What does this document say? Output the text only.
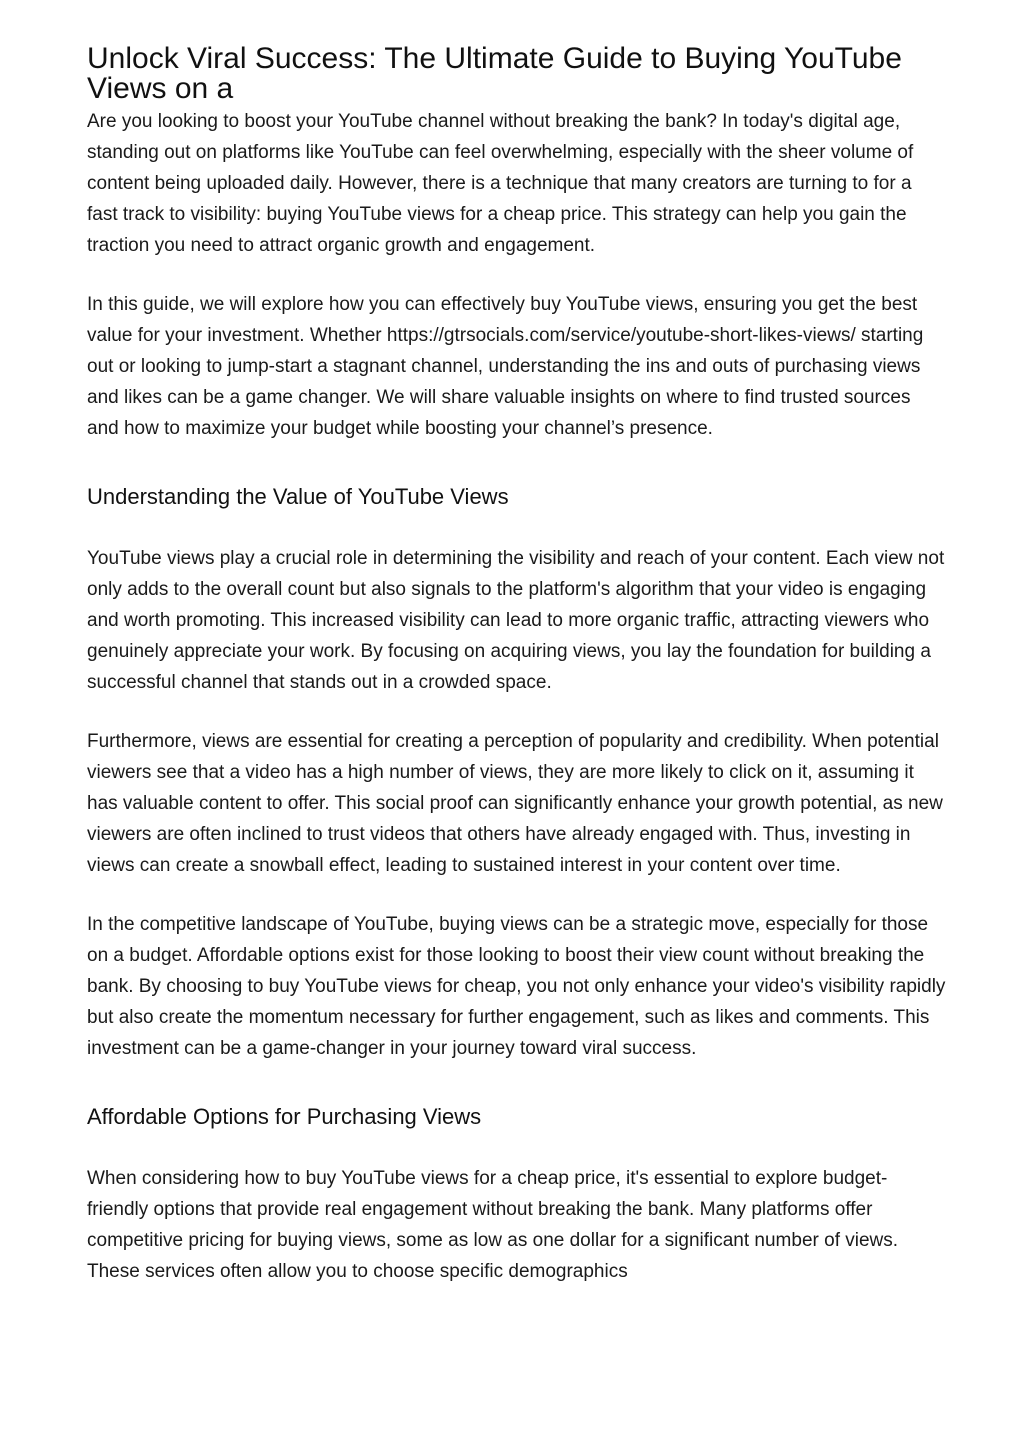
Unlock Viral Success: The Ultimate Guide to Buying YouTube Views on a

Are you looking to boost your YouTube channel without breaking the bank? In today's digital age, standing out on platforms like YouTube can feel overwhelming, especially with the sheer volume of content being uploaded daily. However, there is a technique that many creators are turning to for a fast track to visibility: buying YouTube views for a cheap price. This strategy can help you gain the traction you need to attract organic growth and engagement.

In this guide, we will explore how you can effectively buy YouTube views, ensuring you get the best value for your investment. Whether https://gtrsocials.com/service/youtube-short-likes-views/ starting out or looking to jump-start a stagnant channel, understanding the ins and outs of purchasing views and likes can be a game changer. We will share valuable insights on where to find trusted sources and how to maximize your budget while boosting your channel’s presence.

Understanding the Value of YouTube Views

YouTube views play a crucial role in determining the visibility and reach of your content. Each view not only adds to the overall count but also signals to the platform's algorithm that your video is engaging and worth promoting. This increased visibility can lead to more organic traffic, attracting viewers who genuinely appreciate your work. By focusing on acquiring views, you lay the foundation for building a successful channel that stands out in a crowded space.

Furthermore, views are essential for creating a perception of popularity and credibility. When potential viewers see that a video has a high number of views, they are more likely to click on it, assuming it has valuable content to offer. This social proof can significantly enhance your growth potential, as new viewers are often inclined to trust videos that others have already engaged with. Thus, investing in views can create a snowball effect, leading to sustained interest in your content over time.

In the competitive landscape of YouTube, buying views can be a strategic move, especially for those on a budget. Affordable options exist for those looking to boost their view count without breaking the bank. By choosing to buy YouTube views for cheap, you not only enhance your video's visibility rapidly but also create the momentum necessary for further engagement, such as likes and comments. This investment can be a game-changer in your journey toward viral success.

Affordable Options for Purchasing Views

When considering how to buy YouTube views for a cheap price, it's essential to explore budget-friendly options that provide real engagement without breaking the bank. Many platforms offer competitive pricing for buying views, some as low as one dollar for a significant number of views. These services often allow you to choose specific demographics
